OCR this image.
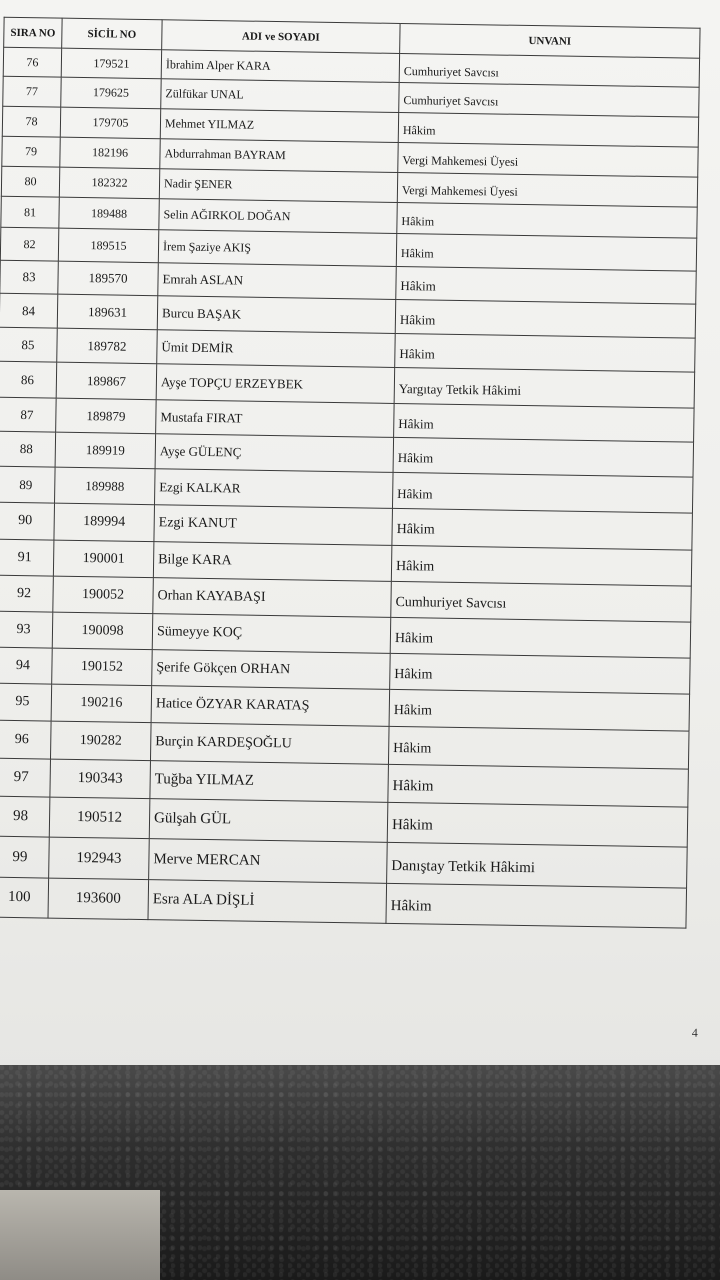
SIRA NO	SİCİL NO	ADI ve SOYADI	UNVANI
76	179521	İbrahim Alper KARA	Cumhuriyet Savcısı
77	179625	Zülfükar UNAL	Cumhuriyet Savcısı
78	179705	Mehmet YILMAZ	Hâkim
79	182196	Abdurrahman BAYRAM	Vergi Mahkemesi Üyesi
80	182322	Nadir ŞENER	Vergi Mahkemesi Üyesi
81	189488	Selin AĞIRKOL DOĞAN	Hâkim
82	189515	İrem Şaziye AKIŞ	Hâkim
83	189570	Emrah ASLAN	Hâkim
84	189631	Burcu BAŞAK	Hâkim
85	189782	Ümit DEMİR	Hâkim
86	189867	Ayşe TOPÇU ERZEYBEK	Yargıtay Tetkik Hâkimi
87	189879	Mustafa FIRAT	Hâkim
88	189919	Ayşe GÜLENÇ	Hâkim
89	189988	Ezgi KALKAR	Hâkim
90	189994	Ezgi KANUT	Hâkim
91	190001	Bilge KARA	Hâkim
92	190052	Orhan KAYABAŞI	Cumhuriyet Savcısı
93	190098	Sümeyye KOÇ	Hâkim
94	190152	Şerife Gökçen ORHAN	Hâkim
95	190216	Hatice ÖZYAR KARATAŞ	Hâkim
96	190282	Burçin KARDEŞOĞLU	Hâkim
97	190343	Tuğba YILMAZ	Hâkim
98	190512	Gülşah GÜL	Hâkim
99	192943	Merve MERCAN	Danıştay Tetkik Hâkimi
100	193600	Esra ALA DİŞLİ	Hâkim
4
